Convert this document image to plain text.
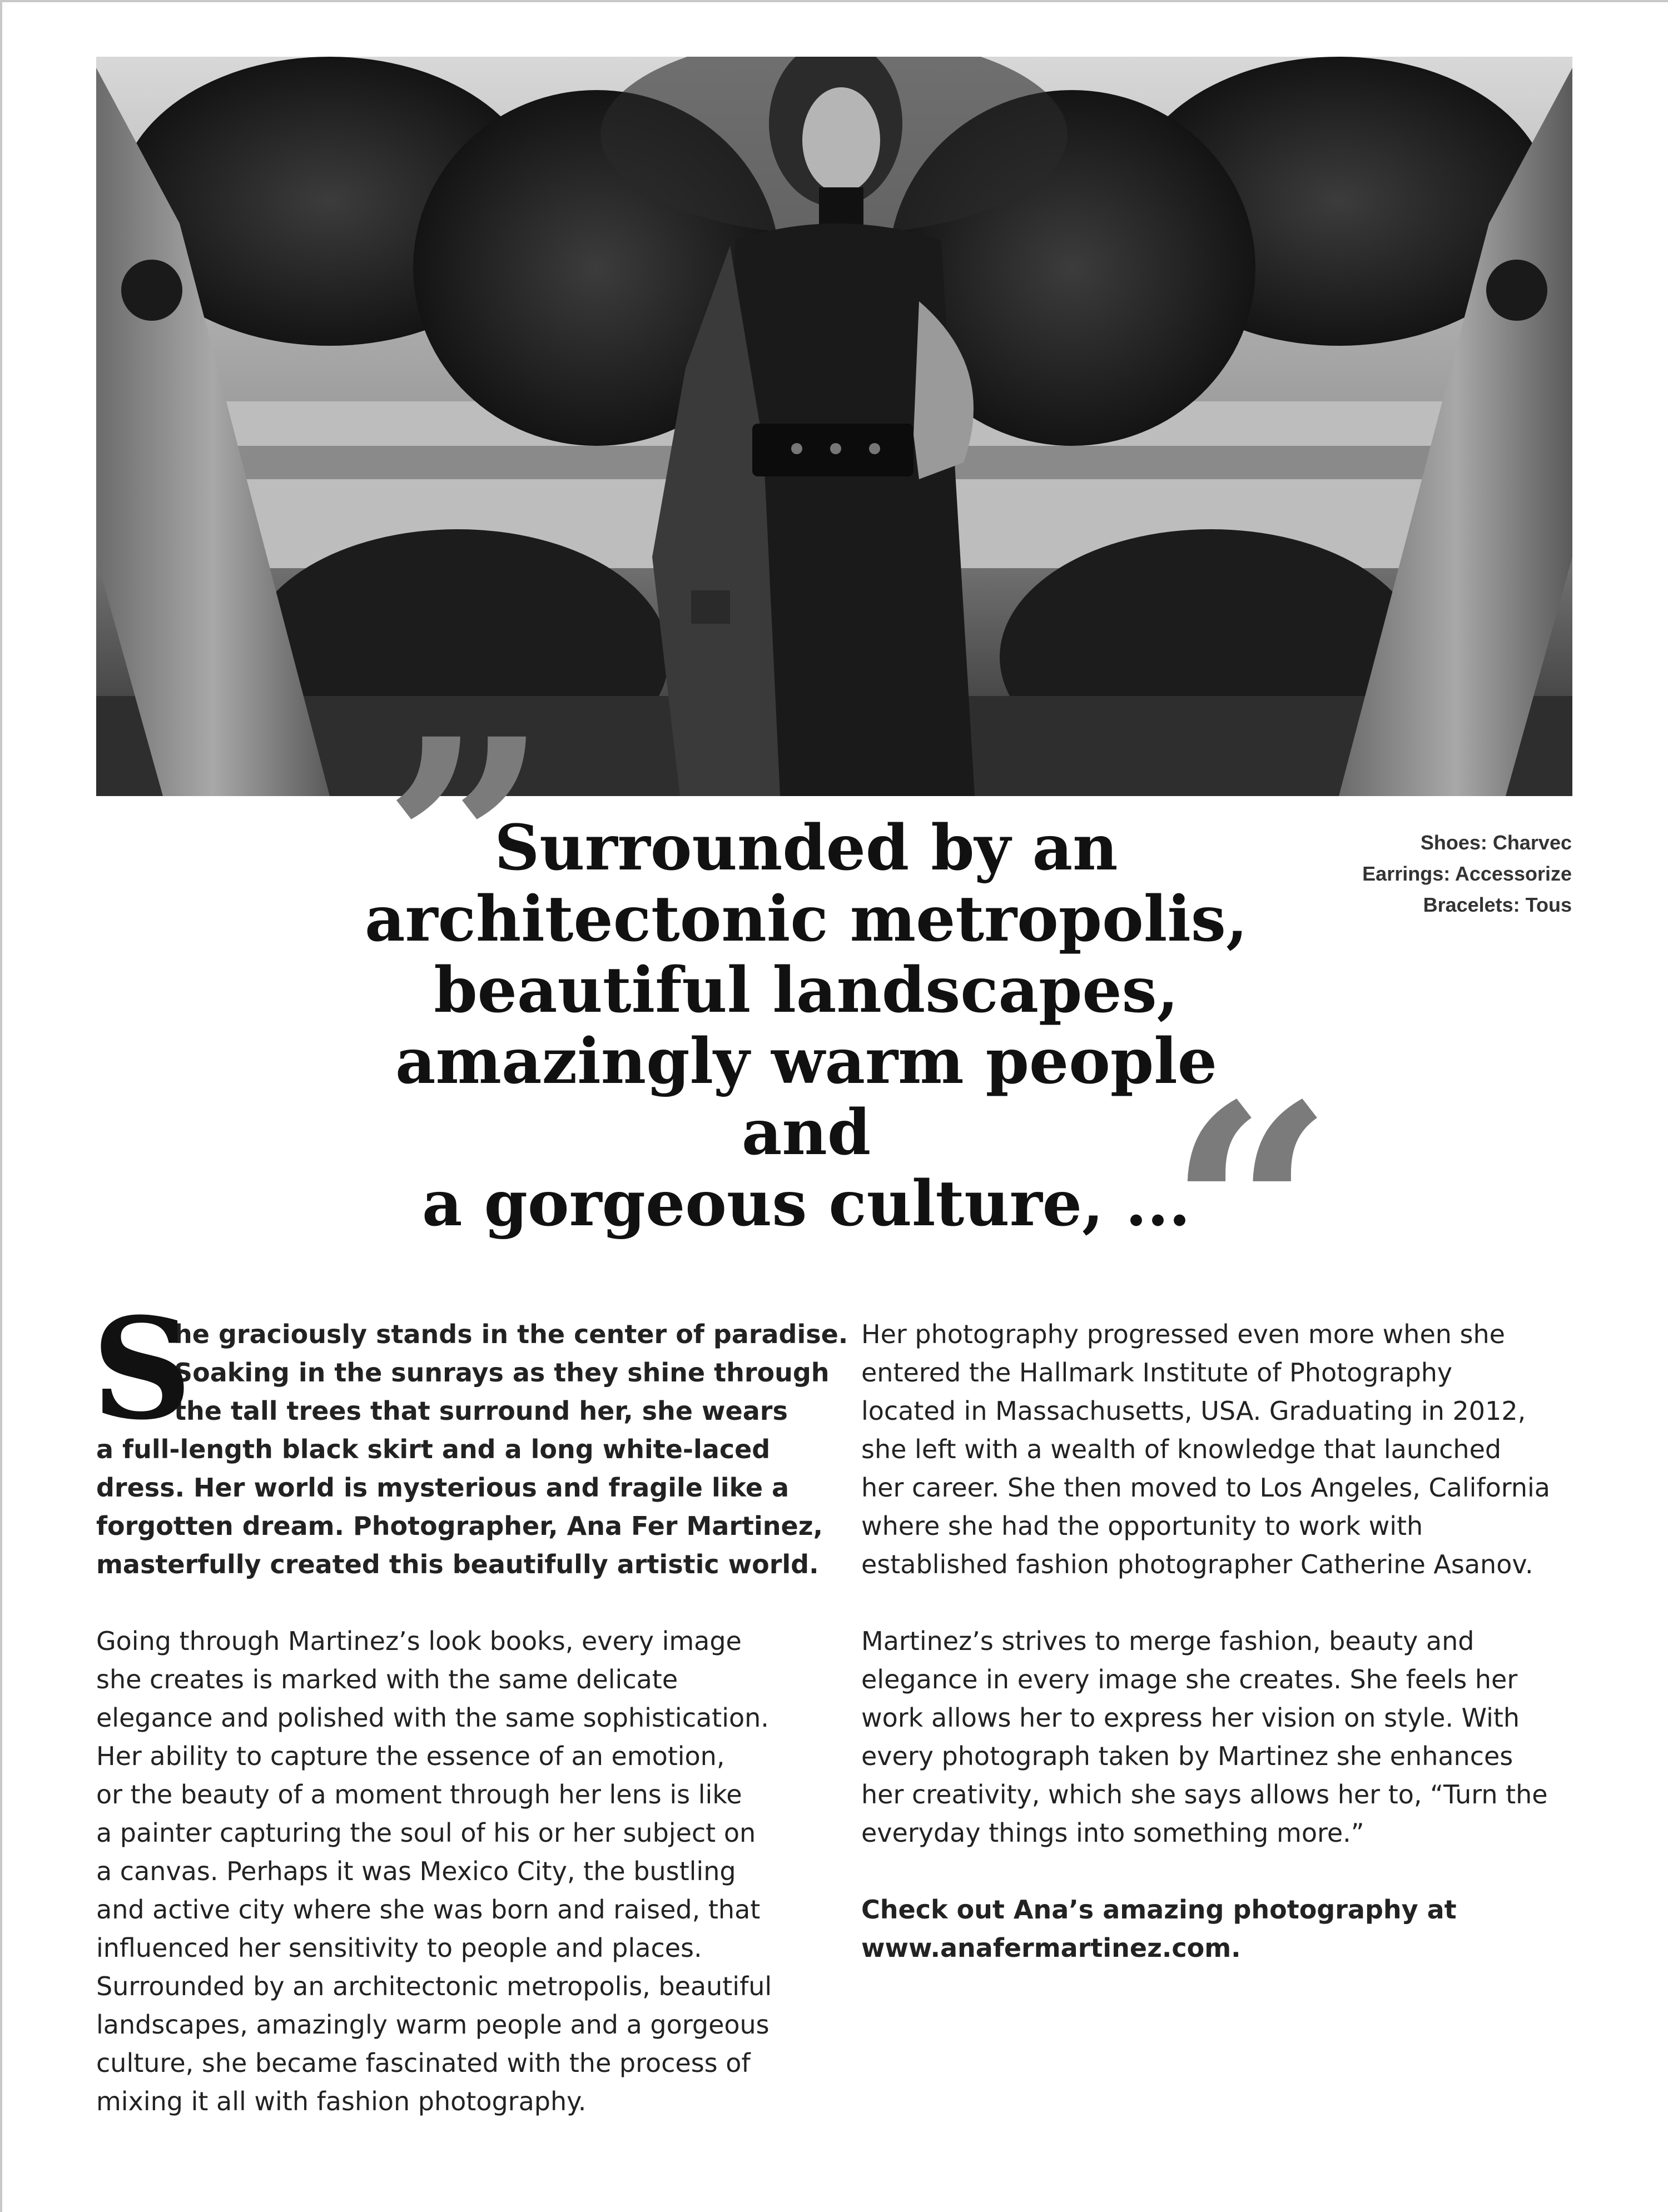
”
Surrounded by an
architectonic metropolis,
beautiful landscapes,
amazingly warm people and
a gorgeous culture, ...
“
Shoes: Charvec
Earrings: Accessorize
Bracelets: Tous

S
he graciously stands in the center of paradise.
Soaking in the sunrays as they shine through
the tall trees that surround her, she wears
a full-length black skirt and a long white-laced
dress. Her world is mysterious and fragile like a
forgotten dream. Photographer, Ana Fer Martinez,
masterfully created this beautifully artistic world.

Going through Martinez’s look books, every image
she creates is marked with the same delicate
elegance and polished with the same sophistication.
Her ability to capture the essence of an emotion,
or the beauty of a moment through her lens is like
a painter capturing the soul of his or her subject on
a canvas. Perhaps it was Mexico City, the bustling
and active city where she was born and raised, that
influenced her sensitivity to people and places.
Surrounded by an architectonic metropolis, beautiful
landscapes, amazingly warm people and a gorgeous
culture, she became fascinated with the process of
mixing it all with fashion photography.

Her photography progressed even more when she
entered the Hallmark Institute of Photography
located in Massachusetts, USA. Graduating in 2012,
she left with a wealth of knowledge that launched
her career. She then moved to Los Angeles, California
where she had the opportunity to work with
established fashion photographer Catherine Asanov.

Martinez’s strives to merge fashion, beauty and
elegance in every image she creates. She feels her
work allows her to express her vision on style. With
every photograph taken by Martinez she enhances
her creativity, which she says allows her to, “Turn the
everyday things into something more.”

Check out Ana’s amazing photography at
www.anafermartinez.com.
